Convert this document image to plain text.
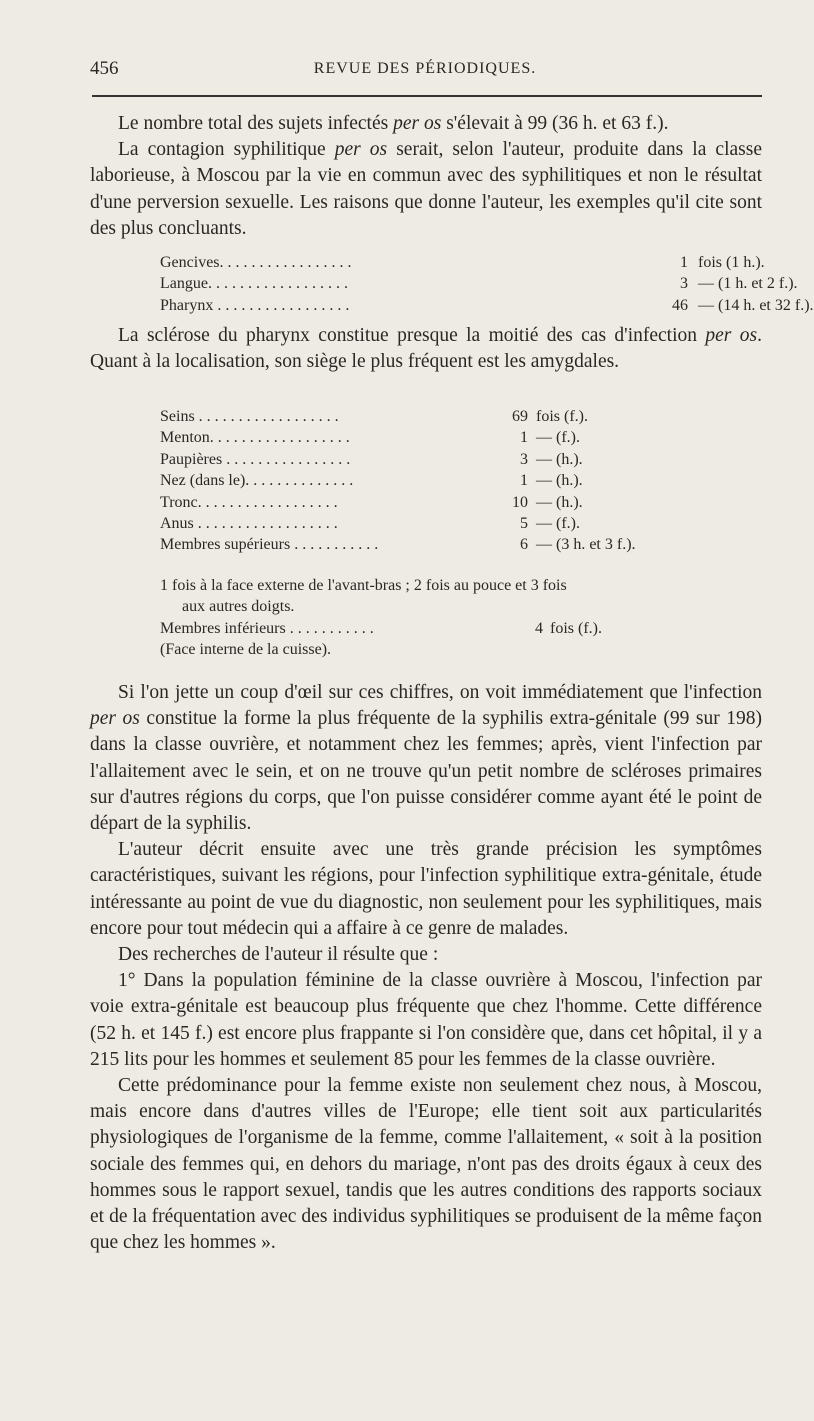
456	REVUE DES PÉRIODIQUES.

Le nombre total des sujets infectés per os s'élevait à 99 (36 h. et 63 f.).

La contagion syphilitique per os serait, selon l'auteur, produite dans la classe laborieuse, à Moscou par la vie en commun avec des syphilitiques et non le résultat d'une perversion sexuelle. Les raisons que donne l'auteur, les exemples qu'il cite sont des plus concluants.

Gencives. . . . . . . . . . . . . . . . .	1 fois (1 h.).
Langue. . . . . . . . . . . . . . . . . .	3 — (1 h. et 2 f.).
Pharynx . . . . . . . . . . . . . . . . .	46 — (14 h. et 32 f.).

La sclérose du pharynx constitue presque la moitié des cas d'infection per os. Quant à la localisation, son siège le plus fréquent est les amygdales.

Seins . . . . . . . . . . . . . . . . . .	69 fois (f.).
Menton. . . . . . . . . . . . . . . . . .	1 — (f.).
Paupières . . . . . . . . . . . . . . . .	3 — (h.).
Nez (dans le). . . . . . . . . . . . . .	1 — (h.).
Tronc. . . . . . . . . . . . . . . . . .	10 — (h.).
Anus . . . . . . . . . . . . . . . . . .	5 — (f.).
Membres supérieurs . . . . . . . . . . .	6 — (3 h. et 3 f.).

1 fois à la face externe de l'avant-bras ; 2 fois au pouce et 3 fois

aux autres doigts.

Membres inférieurs . . . . . . . . . . .	4 fois (f.).

(Face interne de la cuisse).

Si l'on jette un coup d'œil sur ces chiffres, on voit immédiatement que l'infection per os constitue la forme la plus fréquente de la syphilis extra-génitale (99 sur 198) dans la classe ouvrière, et notamment chez les femmes; après, vient l'infection par l'allaitement avec le sein, et on ne trouve qu'un petit nombre de scléroses primaires sur d'autres régions du corps, que l'on puisse considérer comme ayant été le point de départ de la syphilis.

L'auteur décrit ensuite avec une très grande précision les symptômes caractéristiques, suivant les régions, pour l'infection syphilitique extra-génitale, étude intéressante au point de vue du diagnostic, non seulement pour les syphilitiques, mais encore pour tout médecin qui a affaire à ce genre de malades.

Des recherches de l'auteur il résulte que :

1° Dans la population féminine de la classe ouvrière à Moscou, l'infection par voie extra-génitale est beaucoup plus fréquente que chez l'homme. Cette différence (52 h. et 145 f.) est encore plus frappante si l'on considère que, dans cet hôpital, il y a 215 lits pour les hommes et seulement 85 pour les femmes de la classe ouvrière.

Cette prédominance pour la femme existe non seulement chez nous, à Moscou, mais encore dans d'autres villes de l'Europe; elle tient soit aux particularités physiologiques de l'organisme de la femme, comme l'allaitement, « soit à la position sociale des femmes qui, en dehors du mariage, n'ont pas des droits égaux à ceux des hommes sous le rapport sexuel, tandis que les autres conditions des rapports sociaux et de la fréquentation avec des individus syphilitiques se produisent de la même façon que chez les hommes ».
